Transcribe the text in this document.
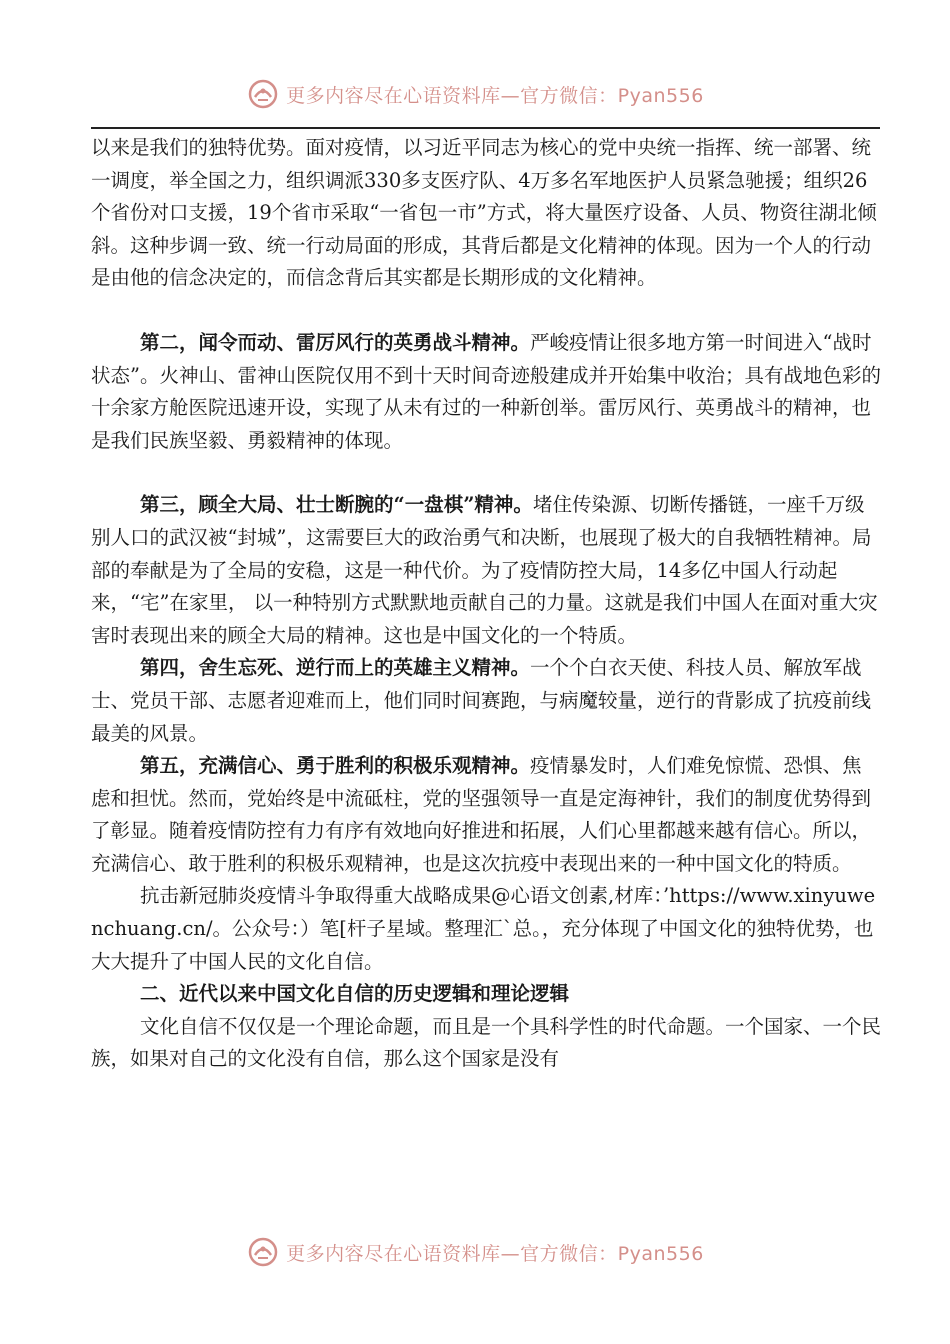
更多内容尽在心语资料库—官方微信：Pyan556

以来是我们的独特优势。面对疫情，以习近平同志为核心的党中央统一指挥、统一部署、统一调度，举全国之力，组织调派330多支医疗队、4万多名军地医护人员紧急驰援；组织26个省份对口支援，19个省市采取“一省包一市”方式，将大量医疗设备、人员、物资往湖北倾斜。这种步调一致、统一行动局面的形成，其背后都是文化精神的体现。因为一个人的行动是由他的信念决定的，而信念背后其实都是长期形成的文化精神。

第二，闻令而动、雷厉风行的英勇战斗精神。严峻疫情让很多地方第一时间进入“战时状态”。火神山、雷神山医院仅用不到十天时间奇迹般建成并开始集中收治；具有战地色彩的十余家方舱医院迅速开设，实现了从未有过的一种新创举。雷厉风行、英勇战斗的精神，也是我们民族坚毅、勇毅精神的体现。

第三，顾全大局、壮士断腕的“一盘棋”精神。堵住传染源、切断传播链，一座千万级别人口的武汉被“封城”，这需要巨大的政治勇气和决断，也展现了极大的自我牺牲精神。局部的奉献是为了全局的安稳，这是一种代价。为了疫情防控大局，14多亿中国人行动起来，“宅”在家里， 以一种特别方式默默地贡献自己的力量。这就是我们中国人在面对重大灾害时表现出来的顾全大局的精神。这也是中国文化的一个特质。

第四，舍生忘死、逆行而上的英雄主义精神。一个个白衣天使、科技人员、解放军战士、党员干部、志愿者迎难而上，他们同时间赛跑，与病魔较量，逆行的背影成了抗疫前线最美的风景。

第五，充满信心、勇于胜利的积极乐观精神。疫情暴发时，人们难免惊慌、恐惧、焦虑和担忧。然而，党始终是中流砥柱，党的坚强领导一直是定海神针，我们的制度优势得到了彰显。随着疫情防控有力有序有效地向好推进和拓展，人们心里都越来越有信心。所以，充满信心、敢于胜利的积极乐观精神，也是这次抗疫中表现出来的一种中国文化的特质。

抗击新冠肺炎疫情斗争取得重大战略成果@心语文创素,材库：’https://www.xinyuwenchuang.cn/。公众号：）笔[杆子星域。整理汇`总。，充分体现了中国文化的独特优势，也大大提升了中国人民的文化自信。

二、近代以来中国文化自信的历史逻辑和理论逻辑

文化自信不仅仅是一个理论命题，而且是一个具科学性的时代命题。一个国家、一个民族，如果对自己的文化没有自信，那么这个国家是没有

更多内容尽在心语资料库—官方微信：Pyan556
